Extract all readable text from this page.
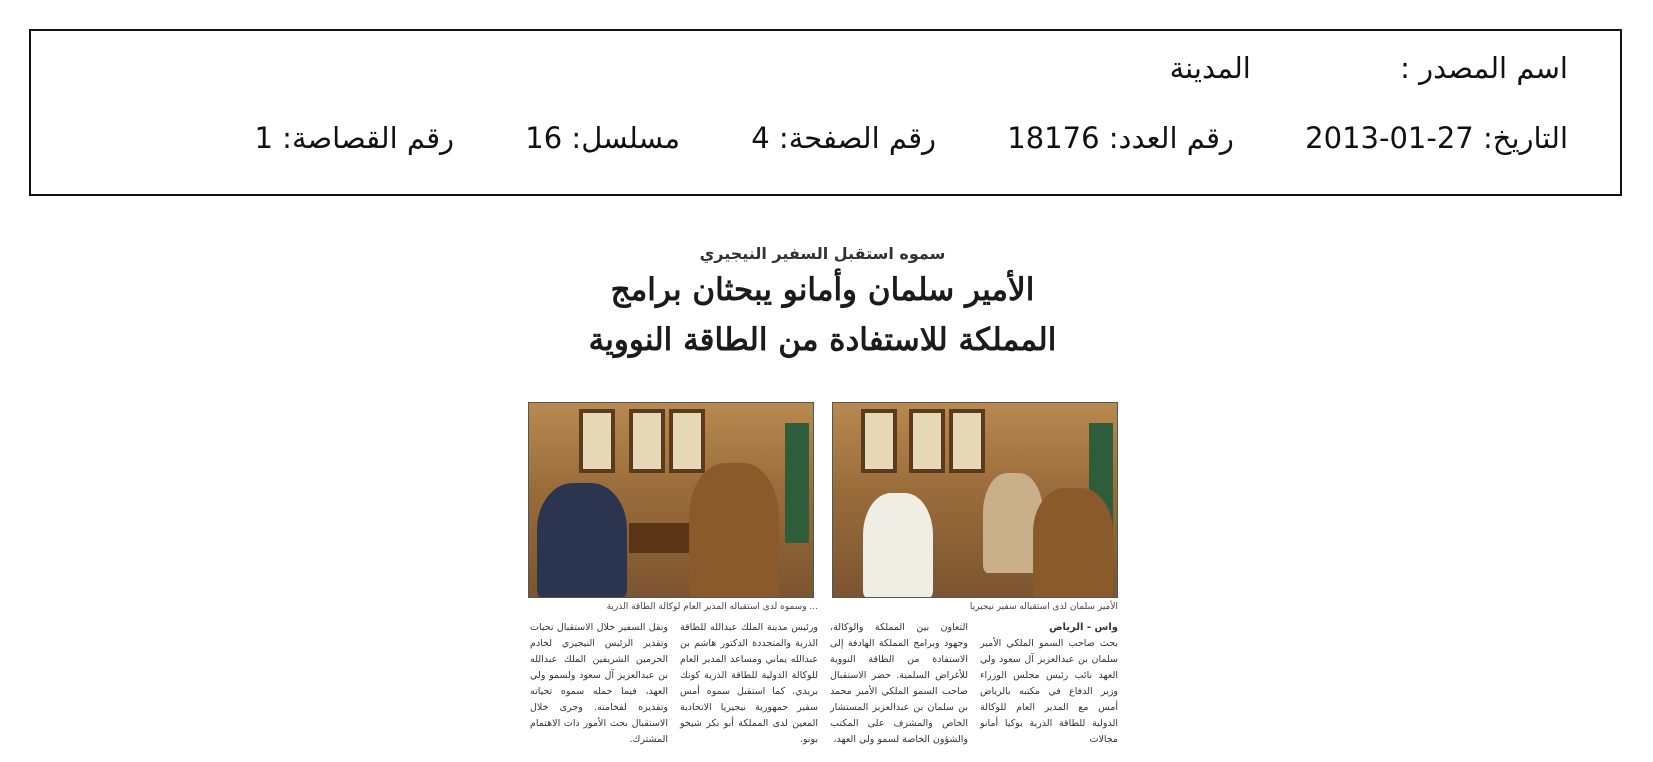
اسم المصدر : المدينة
التاريخ: 27-01-2013 رقم العدد: 18176 رقم الصفحة: 4 مسلسل: 16 رقم القصاصة: 1
سموه استقبل السفير النيجيري
الأمير سلمان وأمانو يبحثان برامج
المملكة للاستفادة من الطاقة النووية
الأمير سلمان لدى استقباله سفير نيجيريا
... وسموه لدى استقباله المدير العام لوكالة الطاقة الذرية
واس - الرياض
بحث صاحب السمو الملكي الأمير سلمان بن عبدالعزيز آل سعود ولي العهد نائب رئيس مجلس الوزراء وزير الدفاع في مكتبه بالرياض أمس مع المدير العام للوكالة الدولية للطاقة الذرية يوكيا أمانو مجالات
التعاون بين المملكة والوكالة، وجهود وبرامج المملكة الهادفة إلى الاستفادة من الطاقة النووية للأغراض السلمية. حضر الاستقبال صاحب السمو الملكي الأمير محمد بن سلمان بن عبدالعزيز المستشار الخاص والمشرف على المكتب والشؤون الخاصة لسمو ولي العهد،
ورئيس مدينة الملك عبدالله للطاقة الذرية والمتجددة الدكتور هاشم بن عبدالله يماني ومساعد المدير العام للوكالة الدولية للطاقة الذرية كونك بريدي. كما استقبل سموه أمس سفير جمهورية نيجيريا الاتحادية المعين لدى المملكة أبو بكر شيخو بونو.
ونقل السفير خلال الاستقبال تحيات وتقدير الرئيس النيجيري لخادم الحرمين الشريفين الملك عبدالله بن عبدالعزيز آل سعود ولسمو ولي العهد، فيما حمله سموه تحياته وتقديره لفخامته. وجرى خلال الاستقبال بحث الأمور ذات الاهتمام المشترك.
